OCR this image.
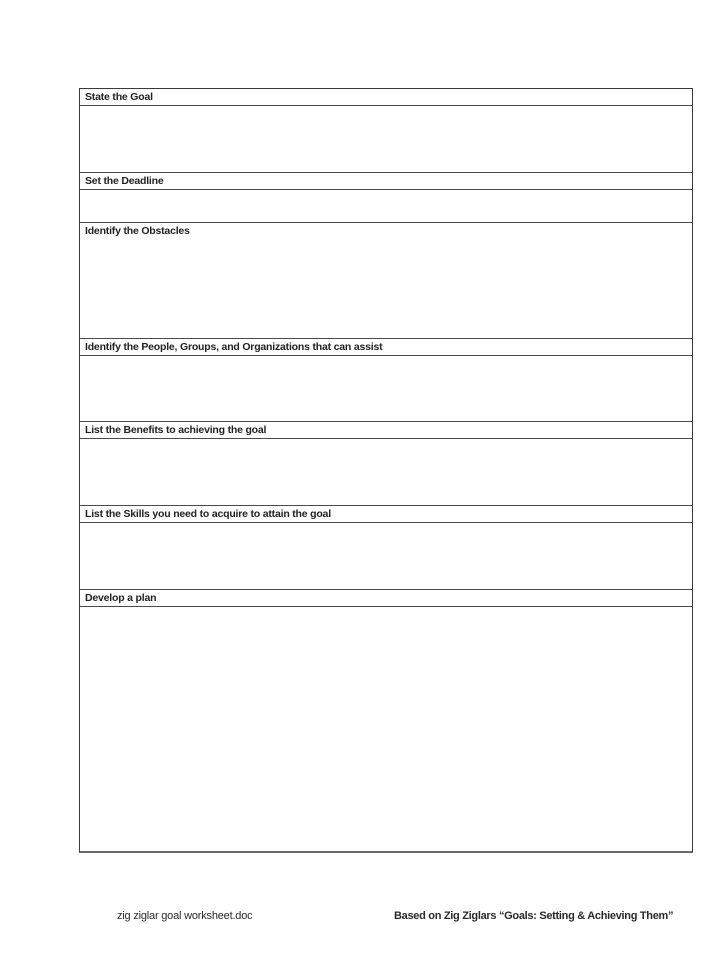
State the Goal
Set the Deadline
Identify the Obstacles
Identify the People, Groups, and Organizations that can assist
List the Benefits to achieving the goal
List the Skills you need to acquire to attain the goal
Develop a plan
zig ziglar goal worksheet.doc	Based on Zig Ziglars “Goals: Setting & Achieving Them”
